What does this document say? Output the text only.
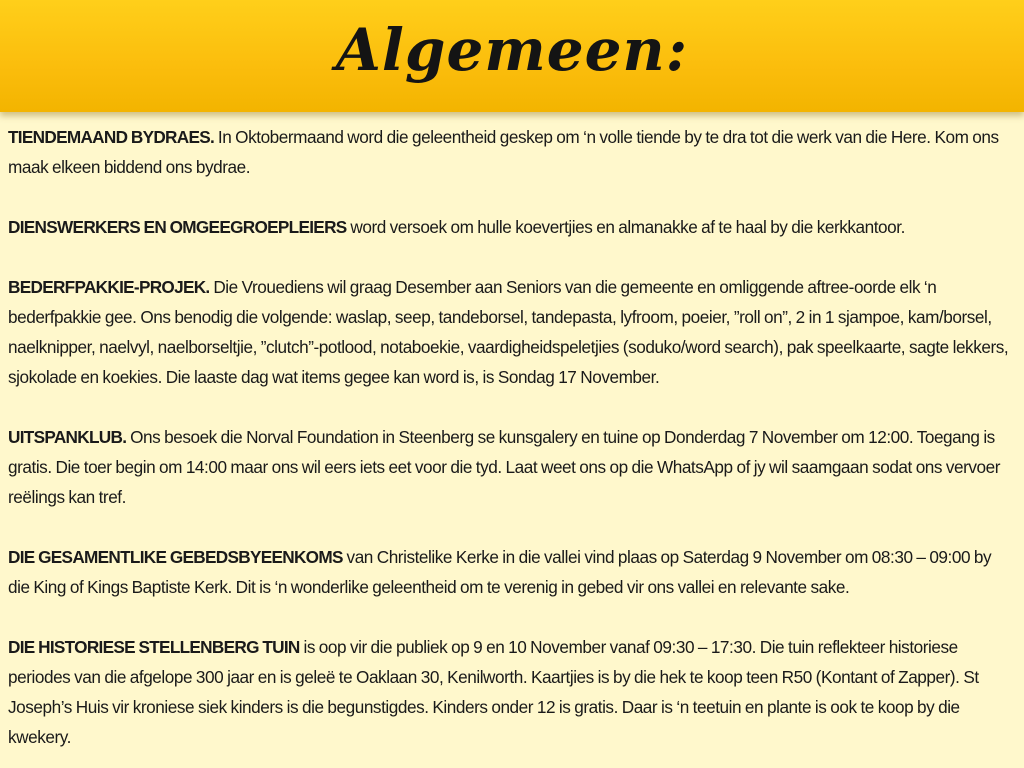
Algemeen:

TIENDEMAAND BYDRAES. In Oktobermaand word die geleentheid geskep om ‘n volle tiende by te dra tot die werk van die Here. Kom ons maak elkeen biddend ons bydrae.

DIENSWERKERS EN OMGEEGROEPLEIERS word versoek om hulle koevertjies en almanakke af te haal by die kerkkantoor.

BEDERFPAKKIE-PROJEK. Die Vrouediens wil graag Desember aan Seniors van die gemeente en omliggende aftree-oorde elk ‘n bederfpakkie gee. Ons benodig die volgende: waslap, seep, tandeborsel, tandepasta, lyfroom, poeier, ”roll on”, 2 in 1 sjampoe, kam/borsel, naelknipper, naelvyl, naelborseltjie, ”clutch”-potlood, notaboekie, vaardigheidspeletjies (soduko/word search), pak speelkaarte, sagte lekkers, sjokolade en koekies. Die laaste dag wat items gegee kan word is, is Sondag 17 November.

UITSPANKLUB. Ons besoek die Norval Foundation in Steenberg se kunsgalery en tuine op Donderdag 7 November om 12:00. Toegang is gratis. Die toer begin om 14:00 maar ons wil eers iets eet voor die tyd. Laat weet ons op die WhatsApp of jy wil saamgaan sodat ons vervoer reëlings kan tref.

DIE GESAMENTLIKE GEBEDSBYEENKOMS van Christelike Kerke in die vallei vind plaas op Saterdag 9 November om 08:30 – 09:00 by die King of Kings Baptiste Kerk. Dit is ‘n wonderlike geleentheid om te verenig in gebed vir ons vallei en relevante sake.

DIE HISTORIESE STELLENBERG TUIN is oop vir die publiek op 9 en 10 November vanaf 09:30 – 17:30. Die tuin reflekteer historiese periodes van die afgelope 300 jaar en is geleë te Oaklaan 30, Kenilworth. Kaartjies is by die hek te koop teen R50 (Kontant of Zapper). St Joseph’s Huis vir kroniese siek kinders is die begunstigdes. Kinders onder 12 is gratis. Daar is ‘n teetuin en plante is ook te koop by die kwekery.
